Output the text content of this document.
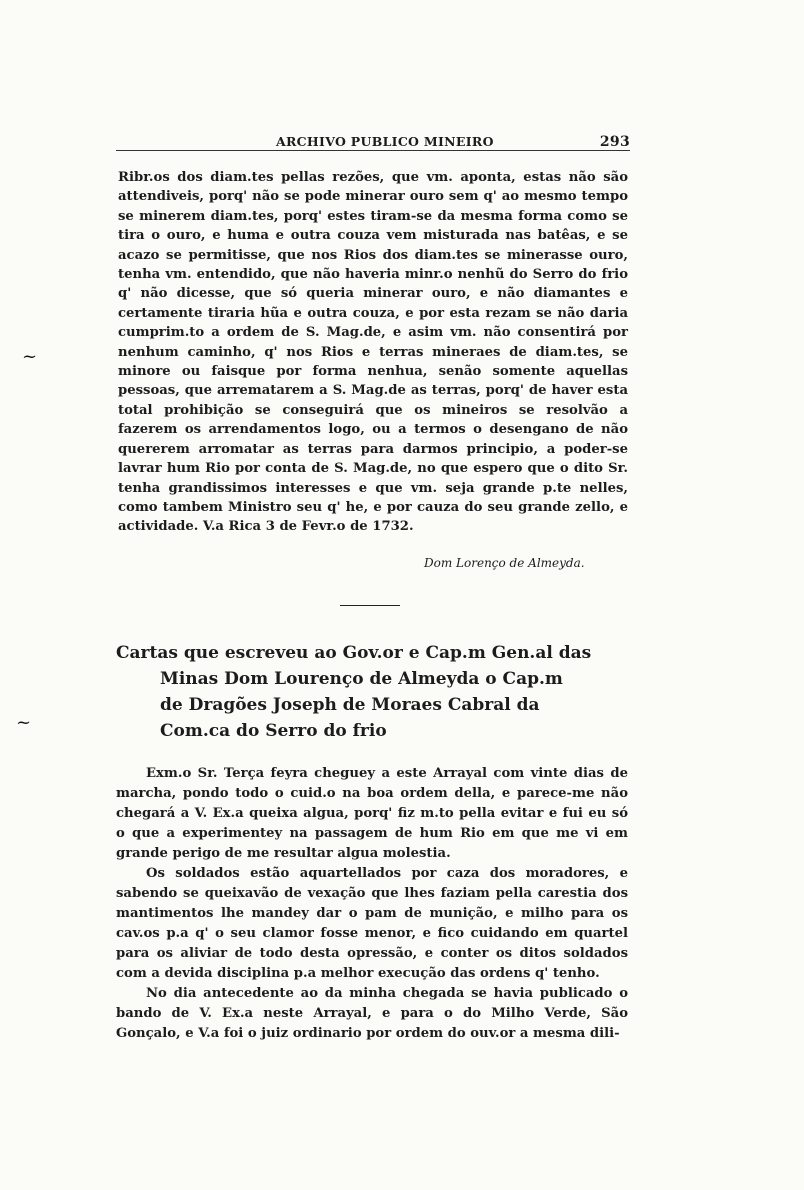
ARCHIVO PUBLICO MINEIRO	293
~
~
Ribr.os dos diam.tes pellas rezões, que vm. aponta, estas não são attendiveis, porq' não se pode minerar ouro sem q' ao mesmo tempo se minerem diam.tes, porq' estes tiram-se da mesma forma como se tira o ouro, e huma e outra couza vem misturada nas batêas, e se acazo se permitisse, que nos Rios dos diam.tes se minerasse ouro, tenha vm. entendido, que não haveria minr.o nenhũ do Serro do frio q' não dicesse, que só queria minerar ouro, e não diamantes e certamente tiraria hũa e outra couza, e por esta rezam se não daria cumprim.to a ordem de S. Mag.de, e asim vm. não consentirá por nenhum caminho, q' nos Rios e terras mineraes de diam.tes, se minore ou faisque por forma nenhua, senão somente aquellas pessoas, que arrematarem a S. Mag.de as terras, porq' de haver esta total prohibição se conseguirá que os mineiros se resolvão a fazerem os arrendamentos logo, ou a termos o desengano de não quererem arromatar as terras para darmos principio, a poder-se lavrar hum Rio por conta de S. Mag.de, no que espero que o dito Sr. tenha grandissimos interesses e que vm. seja grande p.te nelles, como tambem Ministro seu q' he, e por cauza do seu grande zello, e actividade. V.a Rica 3 de Fevr.o de 1732.
Dom Lorenço de Almeyda.
Cartas que escreveu ao Gov.or e Cap.m Gen.al das
Minas Dom Lourenço de Almeyda o Cap.m
de Dragões Joseph de Moraes Cabral da
Com.ca do Serro do frio

Exm.o Sr. Terça feyra cheguey a este Arrayal com vinte dias de marcha, pondo todo o cuid.o na boa ordem della, e parece-me não chegará a V. Ex.a queixa algua, porq' fiz m.to pella evitar e fui eu só o que a experimentey na passagem de hum Rio em que me vi em grande perigo de me resultar algua molestia.

Os soldados estão aquartellados por caza dos moradores, e sabendo se queixavão de vexação que lhes faziam pella carestia dos mantimentos lhe mandey dar o pam de munição, e milho para os cav.os p.a q' o seu clamor fosse menor, e fico cuidando em quartel para os aliviar de todo desta opressão, e conter os ditos soldados com a devida disciplina p.a melhor execução das ordens q' tenho.

No dia antecedente ao da minha chegada se havia publicado o bando de V. Ex.a neste Arrayal, e para o do Milho Verde, São Gonçalo, e V.a foi o juiz ordinario por ordem do ouv.or a mesma dili-
